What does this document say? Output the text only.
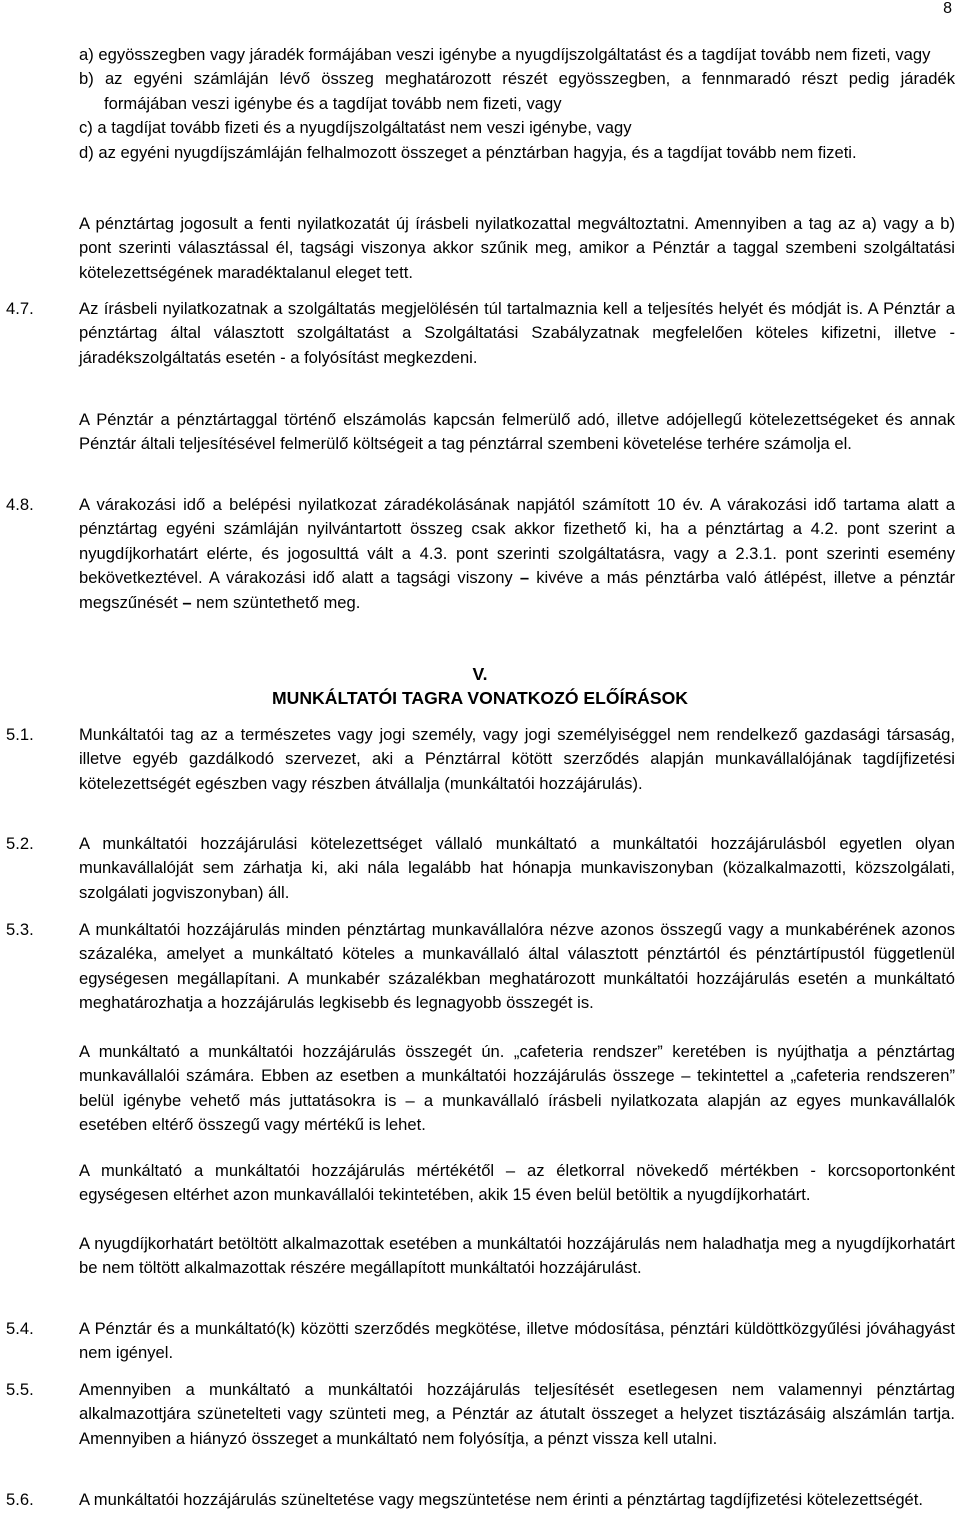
8
a) egyösszegben vagy járadék formájában veszi igénybe a nyugdíjszolgáltatást és a tagdíjat tovább nem fizeti, vagy
b) az egyéni számláján lévő összeg meghatározott részét egyösszegben, a fennmaradó részt pedig járadék formájában veszi igénybe és a tagdíjat tovább nem fizeti, vagy
c) a tagdíjat tovább fizeti és a nyugdíjszolgáltatást nem veszi igénybe, vagy
d) az egyéni nyugdíjszámláján felhalmozott összeget a pénztárban hagyja, és a tagdíjat tovább nem fizeti.
A pénztártag jogosult a fenti nyilatkozatát új írásbeli nyilatkozattal megváltoztatni. Amennyiben a tag az a) vagy a b) pont szerinti választással él, tagsági viszonya akkor szűnik meg, amikor a Pénztár a taggal szembeni szolgáltatási kötelezettségének maradéktalanul eleget tett.
4.7.	Az írásbeli nyilatkozatnak a szolgáltatás megjelölésén túl tartalmaznia kell a teljesítés helyét és módját is. A Pénztár a pénztártag által választott szolgáltatást a Szolgáltatási Szabályzatnak megfelelően köteles kifizetni, illetve - járadékszolgáltatás esetén - a folyósítást megkezdeni.
A Pénztár a pénztártaggal történő elszámolás kapcsán felmerülő adó, illetve adójellegű kötelezettségeket és annak Pénztár általi teljesítésével felmerülő költségeit a tag pénztárral szembeni követelése terhére számolja el.
4.8.	A várakozási idő a belépési nyilatkozat záradékolásának napjától számított 10 év. A várakozási idő tartama alatt a pénztártag egyéni számláján nyilvántartott összeg csak akkor fizethető ki, ha a pénztártag a 4.2. pont szerint a nyugdíjkorhatárt elérte, és jogosulttá vált a 4.3. pont szerinti szolgáltatásra, vagy a 2.3.1. pont szerinti esemény bekövetkeztével. A várakozási idő alatt a tagsági viszony – kivéve a más pénztárba való átlépést, illetve a pénztár megszűnését – nem szüntethető meg.
V.
MUNKÁLTATÓI TAGRA VONATKOZÓ ELŐÍRÁSOK
5.1.	Munkáltatói tag az a természetes vagy jogi személy, vagy jogi személyiséggel nem rendelkező gazdasági társaság, illetve egyéb gazdálkodó szervezet, aki a Pénztárral kötött szerződés alapján munkavállalójának tagdíjfizetési kötelezettségét egészben vagy részben átvállalja (munkáltatói hozzájárulás).
5.2.	A munkáltatói hozzájárulási kötelezettséget vállaló munkáltató a munkáltatói hozzájárulásból egyetlen olyan munkavállalóját sem zárhatja ki, aki nála legalább hat hónapja munkaviszonyban (közalkalmazotti, közszolgálati, szolgálati jogviszonyban) áll.
5.3.	A munkáltatói hozzájárulás minden pénztártag munkavállalóra nézve azonos összegű vagy a munkabérének azonos százaléka, amelyet a munkáltató köteles a munkavállaló által választott pénztártól és pénztártípustól függetlenül egységesen megállapítani. A munkabér százalékban meghatározott munkáltatói hozzájárulás esetén a munkáltató meghatározhatja a hozzájárulás legkisebb és legnagyobb összegét is.
A munkáltató a munkáltatói hozzájárulás összegét ún. „cafeteria rendszer” keretében is nyújthatja a pénztártag munkavállalói számára. Ebben az esetben a munkáltatói hozzájárulás összege – tekintettel a „cafeteria rendszeren” belül igénybe vehető más juttatásokra is – a munkavállaló írásbeli nyilatkozata alapján az egyes munkavállalók esetében eltérő összegű vagy mértékű is lehet.
A munkáltató a munkáltatói hozzájárulás mértékétől – az életkorral növekedő mértékben - korcsoportonként egységesen eltérhet azon munkavállalói tekintetében, akik 15 éven belül betöltik a nyugdíjkorhatárt.
A nyugdíjkorhatárt betöltött alkalmazottak esetében a munkáltatói hozzájárulás nem haladhatja meg a nyugdíjkorhatárt be nem töltött alkalmazottak részére megállapított munkáltatói hozzájárulást.
5.4.	A Pénztár és a munkáltató(k) közötti szerződés megkötése, illetve módosítása, pénztári küldöttközgyűlési jóváhagyást nem igényel.
5.5.	Amennyiben a munkáltató a munkáltatói hozzájárulás teljesítését esetlegesen nem valamennyi pénztártag alkalmazottjára szünetelteti vagy szünteti meg, a Pénztár az átutalt összeget a helyzet tisztázásáig alszámlán tartja. Amennyiben a hiányzó összeget a munkáltató nem folyósítja, a pénzt vissza kell utalni.
5.6.	A munkáltatói hozzájárulás szüneltetése vagy megszüntetése nem érinti a pénztártag tagdíjfizetési kötelezettségét.
